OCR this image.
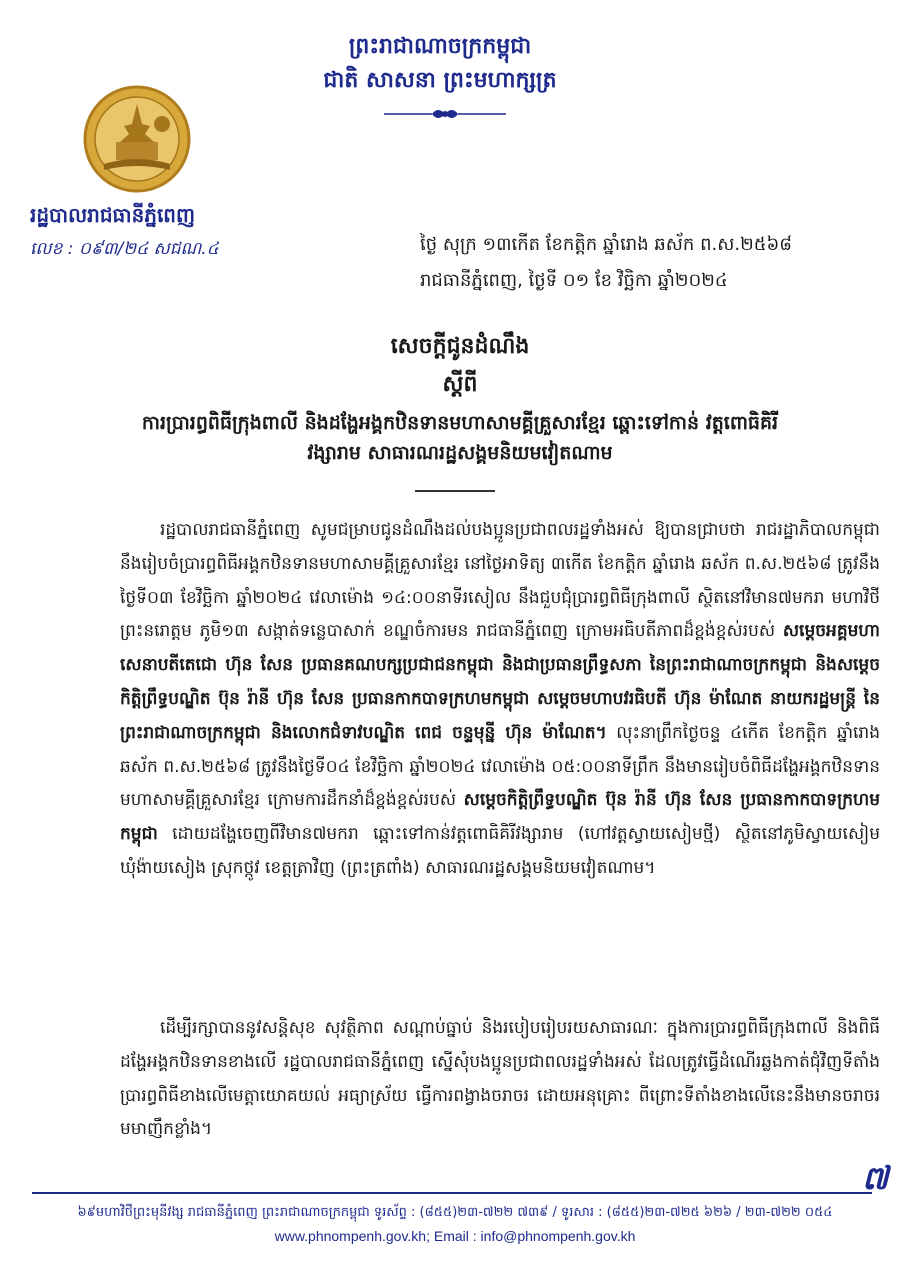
ព្រះរាជាណាចក្រកម្ពុជា
ជាតិ សាសនា ព្រះមហាក្សត្រ
រដ្ឋបាលរាជធានីភ្នំពេញ
លេខ : ០៩៣/២៤ សជណ.៤	ថ្ងៃ សុក្រ ១៣កើត ខែកត្តិក ឆ្នាំរោង ឆស័ក ព.ស.២៥៦៨
រាជធានីភ្នំពេញ, ថ្ងៃទី ០១ ខែ វិច្ឆិកា ឆ្នាំ២០២៤
សេចក្តីជូនដំណឹង
ស្តីពី
ការប្រារព្ធពិធីក្រុងពាលី និងដង្ហែអង្គកឋិនទានមហាសាមគ្គីគ្រួសារខ្មែរ ឆ្ពោះទៅកាន់ វត្តពោធិគិរីវង្សារាម សាធារណរដ្ឋសង្គមនិយមវៀតណាម
រដ្ឋបាលរាជធានីភ្នំពេញ សូមជម្រាបជូនដំណឹងដល់បងប្អូនប្រជាពលរដ្ឋទាំងអស់ ឱ្យបានជ្រាបថា រាជរដ្ឋាភិបាលកម្ពុជា នឹងរៀបចំប្រារព្ធពិធីអង្គកឋិនទានមហាសាមគ្គីគ្រួសារខ្មែរ នៅថ្ងៃអាទិត្យ ៣កើត ខែកត្តិក ឆ្នាំរោង ឆស័ក ព.ស.២៥៦៨ ត្រូវនឹងថ្ងៃទី០៣ ខែវិច្ឆិកា ឆ្នាំ២០២៤ វេលាម៉ោង ១៤:០០នាទីរសៀល នឹងជួបជុំប្រារព្ធពិធីក្រុងពាលី ស្ថិតនៅវិមាន៧មករា មហាវិថីព្រះនរោត្តម ភូមិ១៣ សង្កាត់ទន្លេបាសាក់ ខណ្ឌចំការមន រាជធានីភ្នំពេញ ក្រោមអធិបតីភាពដ៏ខ្ពង់ខ្ពស់របស់ សម្តេចអគ្គមហាសេនាបតីតេជោ ហ៊ុន សែន ប្រធានគណបក្សប្រជាជនកម្ពុជា និងជាប្រធានព្រឹទ្ធសភា នៃព្រះរាជាណាចក្រកម្ពុជា និងសម្តេចកិត្តិព្រឹទ្ធបណ្ឌិត ប៊ុន រ៉ានី ហ៊ុន សែន ប្រធានកាកបាទក្រហមកម្ពុជា សម្តេចមហាបវរធិបតី ហ៊ុន ម៉ាណែត នាយករដ្ឋមន្ត្រី នៃព្រះរាជាណាចក្រកម្ពុជា និងលោកជំទាវបណ្ឌិត ពេជ ចន្ទមុន្នី ហ៊ុន ម៉ាណែត។ លុះនាព្រឹកថ្ងៃចន្ទ ៤កើត ខែកត្តិក ឆ្នាំរោង ឆស័ក ព.ស.២៥៦៨ ត្រូវនឹងថ្ងៃទី០៤ ខែវិច្ឆិកា ឆ្នាំ២០២៤ វេលាម៉ោង ០៥:០០នាទីព្រឹក នឹងមានរៀបចំពិធីដង្ហែអង្គកឋិនទានមហាសាមគ្គីគ្រួសារខ្មែរ ក្រោមការដឹកនាំដ៏ខ្ពង់ខ្ពស់របស់ សម្តេចកិត្តិព្រឹទ្ធបណ្ឌិត ប៊ុន រ៉ានី ហ៊ុន សែន ប្រធានកាកបាទក្រហមកម្ពុជា ដោយដង្ហែចេញពីវិមាន៧មករា ឆ្ពោះទៅកាន់វត្តពោធិគិរីវង្សារាម (ហៅវត្តស្វាយសៀមថ្មី) ស្ថិតនៅភូមិស្វាយសៀម ឃុំង៉ាយសៀង ស្រុកថ្កូវ ខេត្តត្រាវិញ (ព្រះត្រពាំង) សាធារណរដ្ឋសង្គមនិយមវៀតណាម។
ដើម្បីរក្សាបាននូវសន្តិសុខ សុវត្ថិភាព សណ្តាប់ធ្នាប់ និងរបៀបរៀបរយសាធារណៈ ក្នុងការប្រារព្ធពិធីក្រុងពាលី និងពិធីដង្ហែអង្គកឋិនទានខាងលើ រដ្ឋបាលរាជធានីភ្នំពេញ ស្នើសុំបងប្អូនប្រជាពលរដ្ឋទាំងអស់ ដែលត្រូវធ្វើដំណើរឆ្លងកាត់ជុំវិញទីតាំងប្រារព្ធពិធីខាងលើមេត្តាយោគយល់ អធ្យាស្រ័យ ធ្វើការពង្វាងចរាចរ ដោយអនុគ្រោះ ពីព្រោះទីតាំងខាងលើនេះនឹងមានចរាចរមមាញឹកខ្លាំង។
៧
៦៩មហាវិថីព្រះមុនីវង្ស រាជធានីភ្នំពេញ ព្រះរាជាណាចក្រកម្ពុជា ទូរស័ព្ទ : (៨៥៥)២៣-៧២២ ៧៣៩ / ទូរសារ : (៨៥៥)២៣-៧២៥ ៦២៦ / ២៣-៧២២ ០៥៤
www.phnompenh.gov.kh; Email : info@phnompenh.gov.kh
